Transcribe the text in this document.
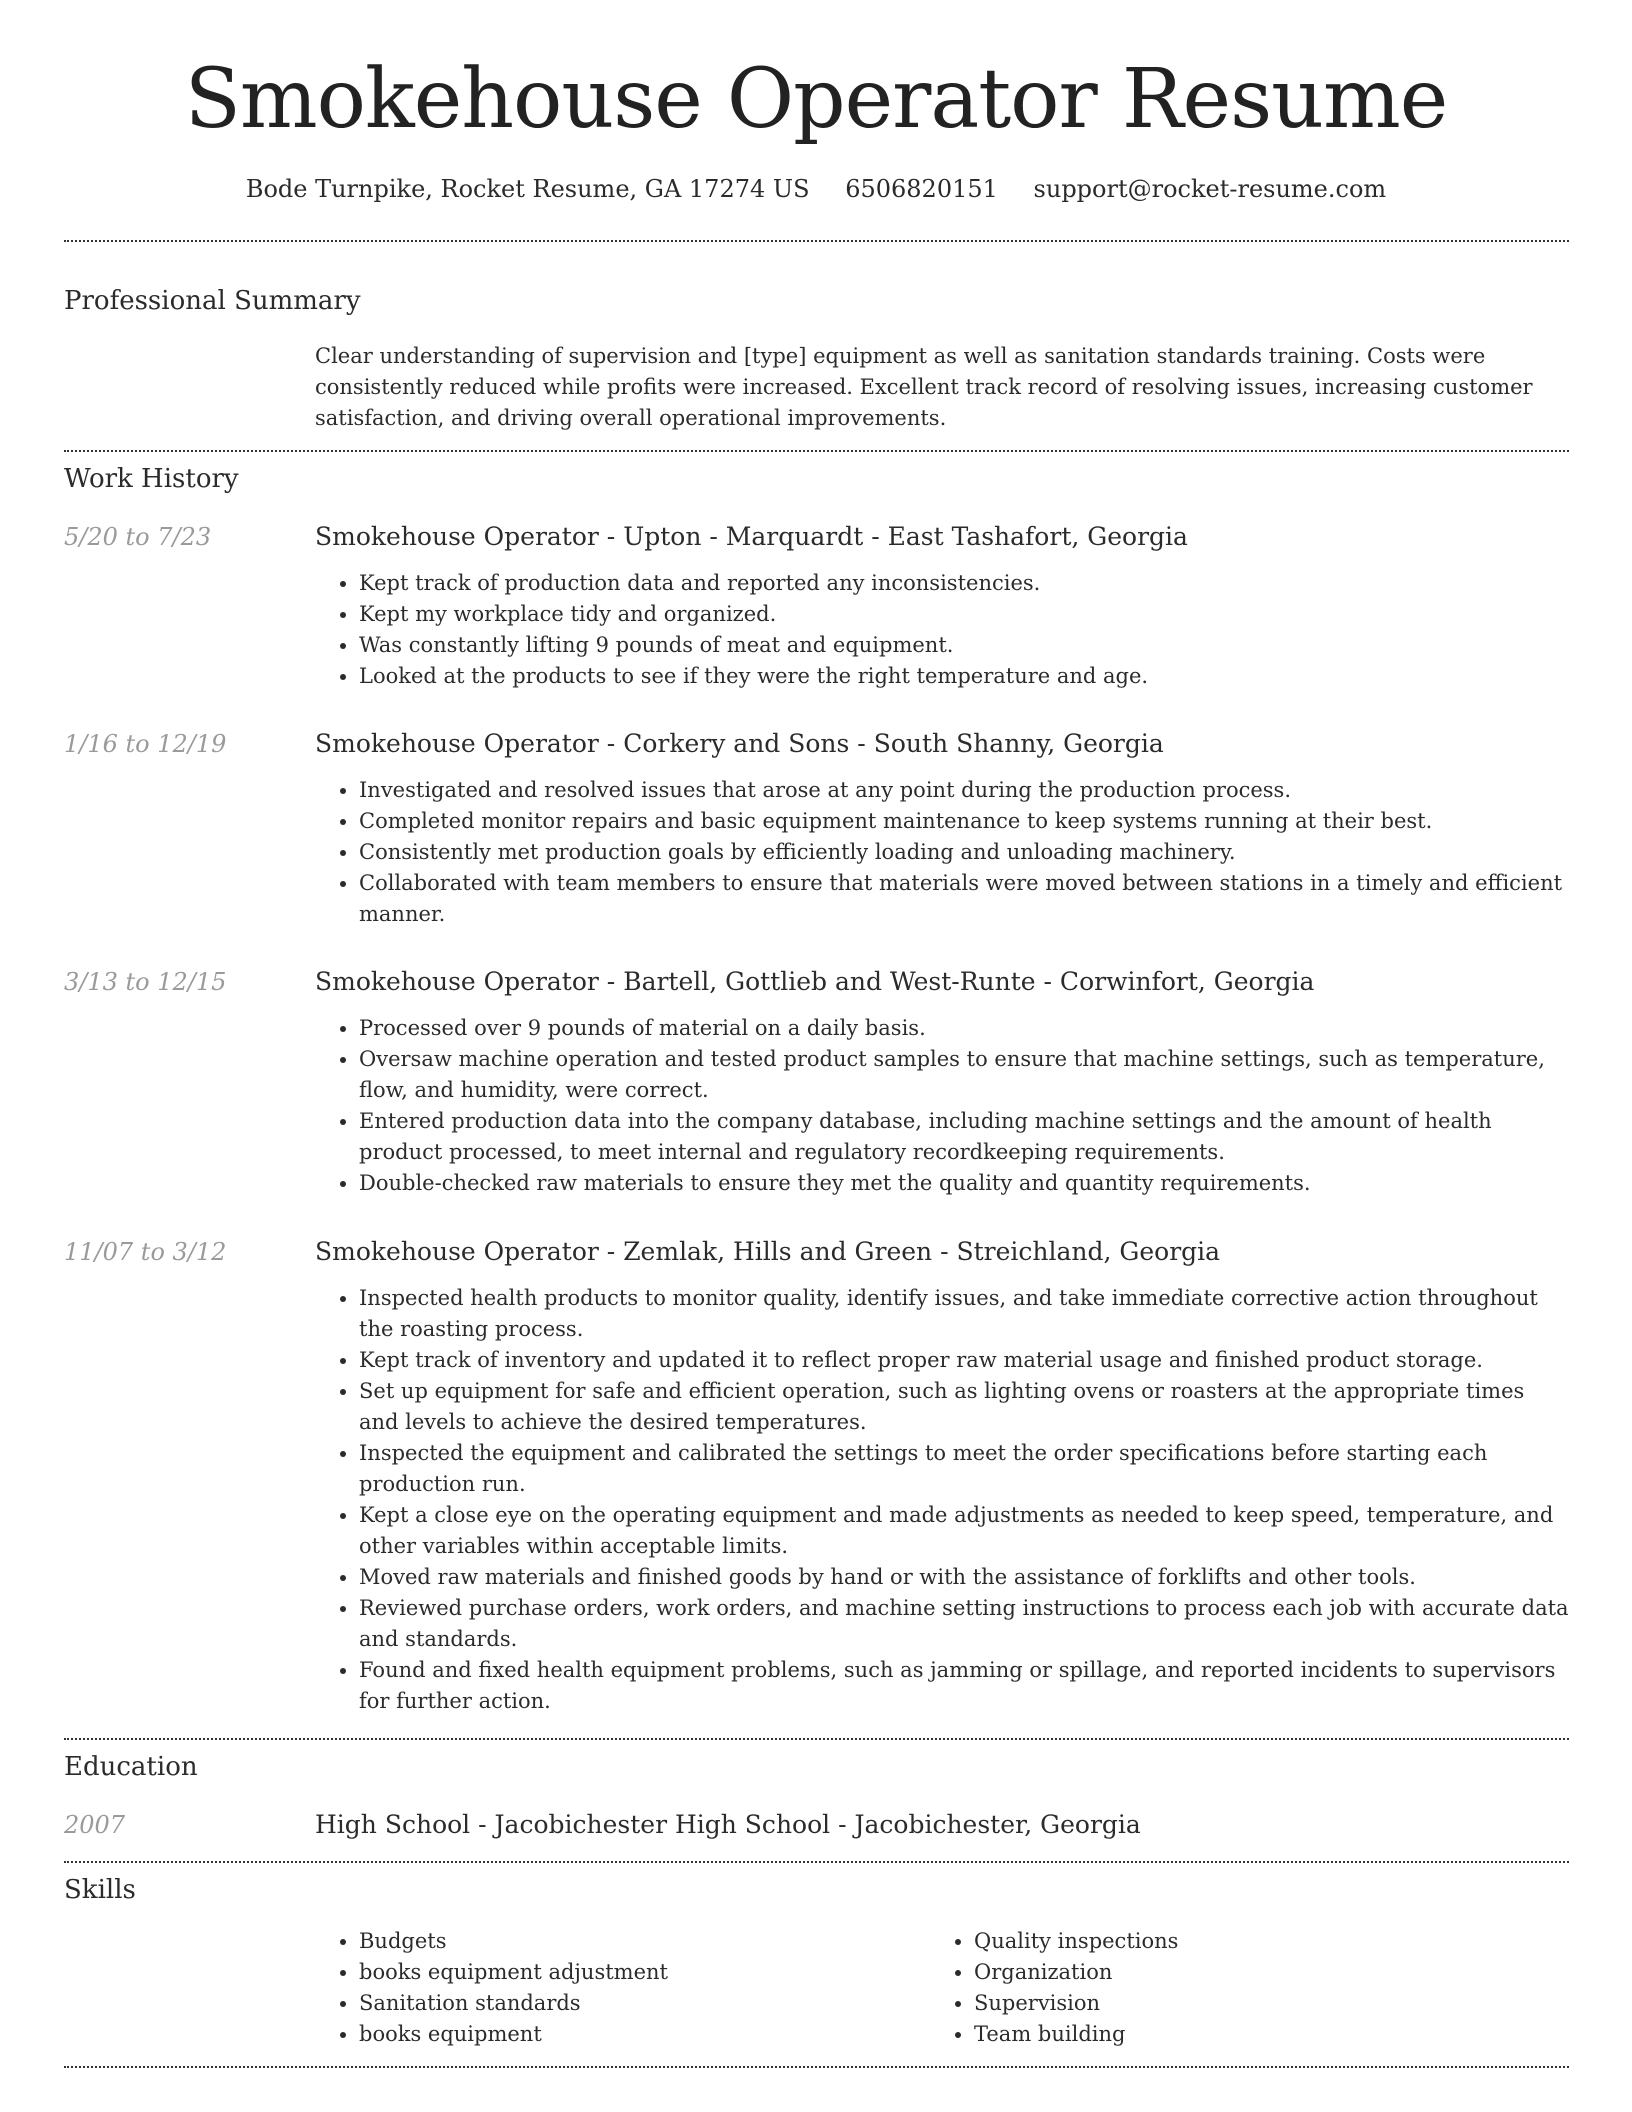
Smokehouse Operator Resume
Bode Turnpike, Rocket Resume, GA 17274 US 6506820151 support@rocket-resume.com
Professional Summary

Clear understanding of supervision and [type] equipment as well as sanitation standards training. Costs were consistently reduced while profits were increased. Excellent track record of resolving issues, increasing customer satisfaction, and driving overall operational improvements.

Work History
5/20 to 7/23	Smokehouse Operator - Upton - Marquardt - East Tashafort, Georgia

• Kept track of production data and reported any inconsistencies.
• Kept my workplace tidy and organized.
• Was constantly lifting 9 pounds of meat and equipment.
• Looked at the products to see if they were the right temperature and age.
1/16 to 12/19	Smokehouse Operator - Corkery and Sons - South Shanny, Georgia

• Investigated and resolved issues that arose at any point during the production process.
• Completed monitor repairs and basic equipment maintenance to keep systems running at their best.
• Consistently met production goals by efficiently loading and unloading machinery.
• Collaborated with team members to ensure that materials were moved between stations in a timely and efficient manner.
3/13 to 12/15	Smokehouse Operator - Bartell, Gottlieb and West-Runte - Corwinfort, Georgia

• Processed over 9 pounds of material on a daily basis.
• Oversaw machine operation and tested product samples to ensure that machine settings, such as temperature, flow, and humidity, were correct.
• Entered production data into the company database, including machine settings and the amount of health product processed, to meet internal and regulatory recordkeeping requirements.
• Double-checked raw materials to ensure they met the quality and quantity requirements.
11/07 to 3/12	Smokehouse Operator - Zemlak, Hills and Green - Streichland, Georgia

• Inspected health products to monitor quality, identify issues, and take immediate corrective action throughout the roasting process.
• Kept track of inventory and updated it to reflect proper raw material usage and finished product storage.
• Set up equipment for safe and efficient operation, such as lighting ovens or roasters at the appropriate times and levels to achieve the desired temperatures.
• Inspected the equipment and calibrated the settings to meet the order specifications before starting each production run.
• Kept a close eye on the operating equipment and made adjustments as needed to keep speed, temperature, and other variables within acceptable limits.
• Moved raw materials and finished goods by hand or with the assistance of forklifts and other tools.
• Reviewed purchase orders, work orders, and machine setting instructions to process each job with accurate data and standards.
• Found and fixed health equipment problems, such as jamming or spillage, and reported incidents to supervisors for further action.
Education
2007	High School - Jacobichester High School - Jacobichester, Georgia

Skills
• Budgets
• books equipment adjustment
• Sanitation standards
• books equipment
• Quality inspections
• Organization
• Supervision
• Team building
